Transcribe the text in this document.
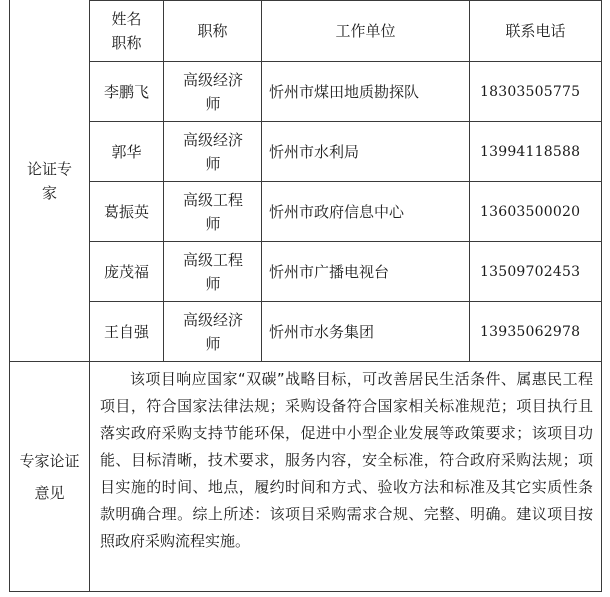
论证专家	姓名职称	职称	工作单位	联系电话
	李鹏飞	高级经济师	忻州市煤田地质勘探队	18303505775
	郭华	高级经济师	忻州市水利局	13994118588
	葛振英	高级工程师	忻州市政府信息中心	13603500020
	庞茂福	高级工程师	忻州市广播电视台	13509702453
	王自强	高级经济师	忻州市水务集团	13935062978
专家论证意见	该项目响应国家“双碳”战略目标，可改善居民生活条件、属惠民工程项目，符合国家法律法规；采购设备符合国家相关标准规范；项目执行且落实政府采购支持节能环保，促进中小型企业发展等政策要求；该项目功能、目标清晰，技术要求，服务内容，安全标准，符合政府采购法规；项目实施的时间、地点，履约时间和方式、验收方法和标准及其它实质性条款明确合理。综上所述：该项目采购需求合规、完整、明确。建议项目按照政府采购流程实施。			
